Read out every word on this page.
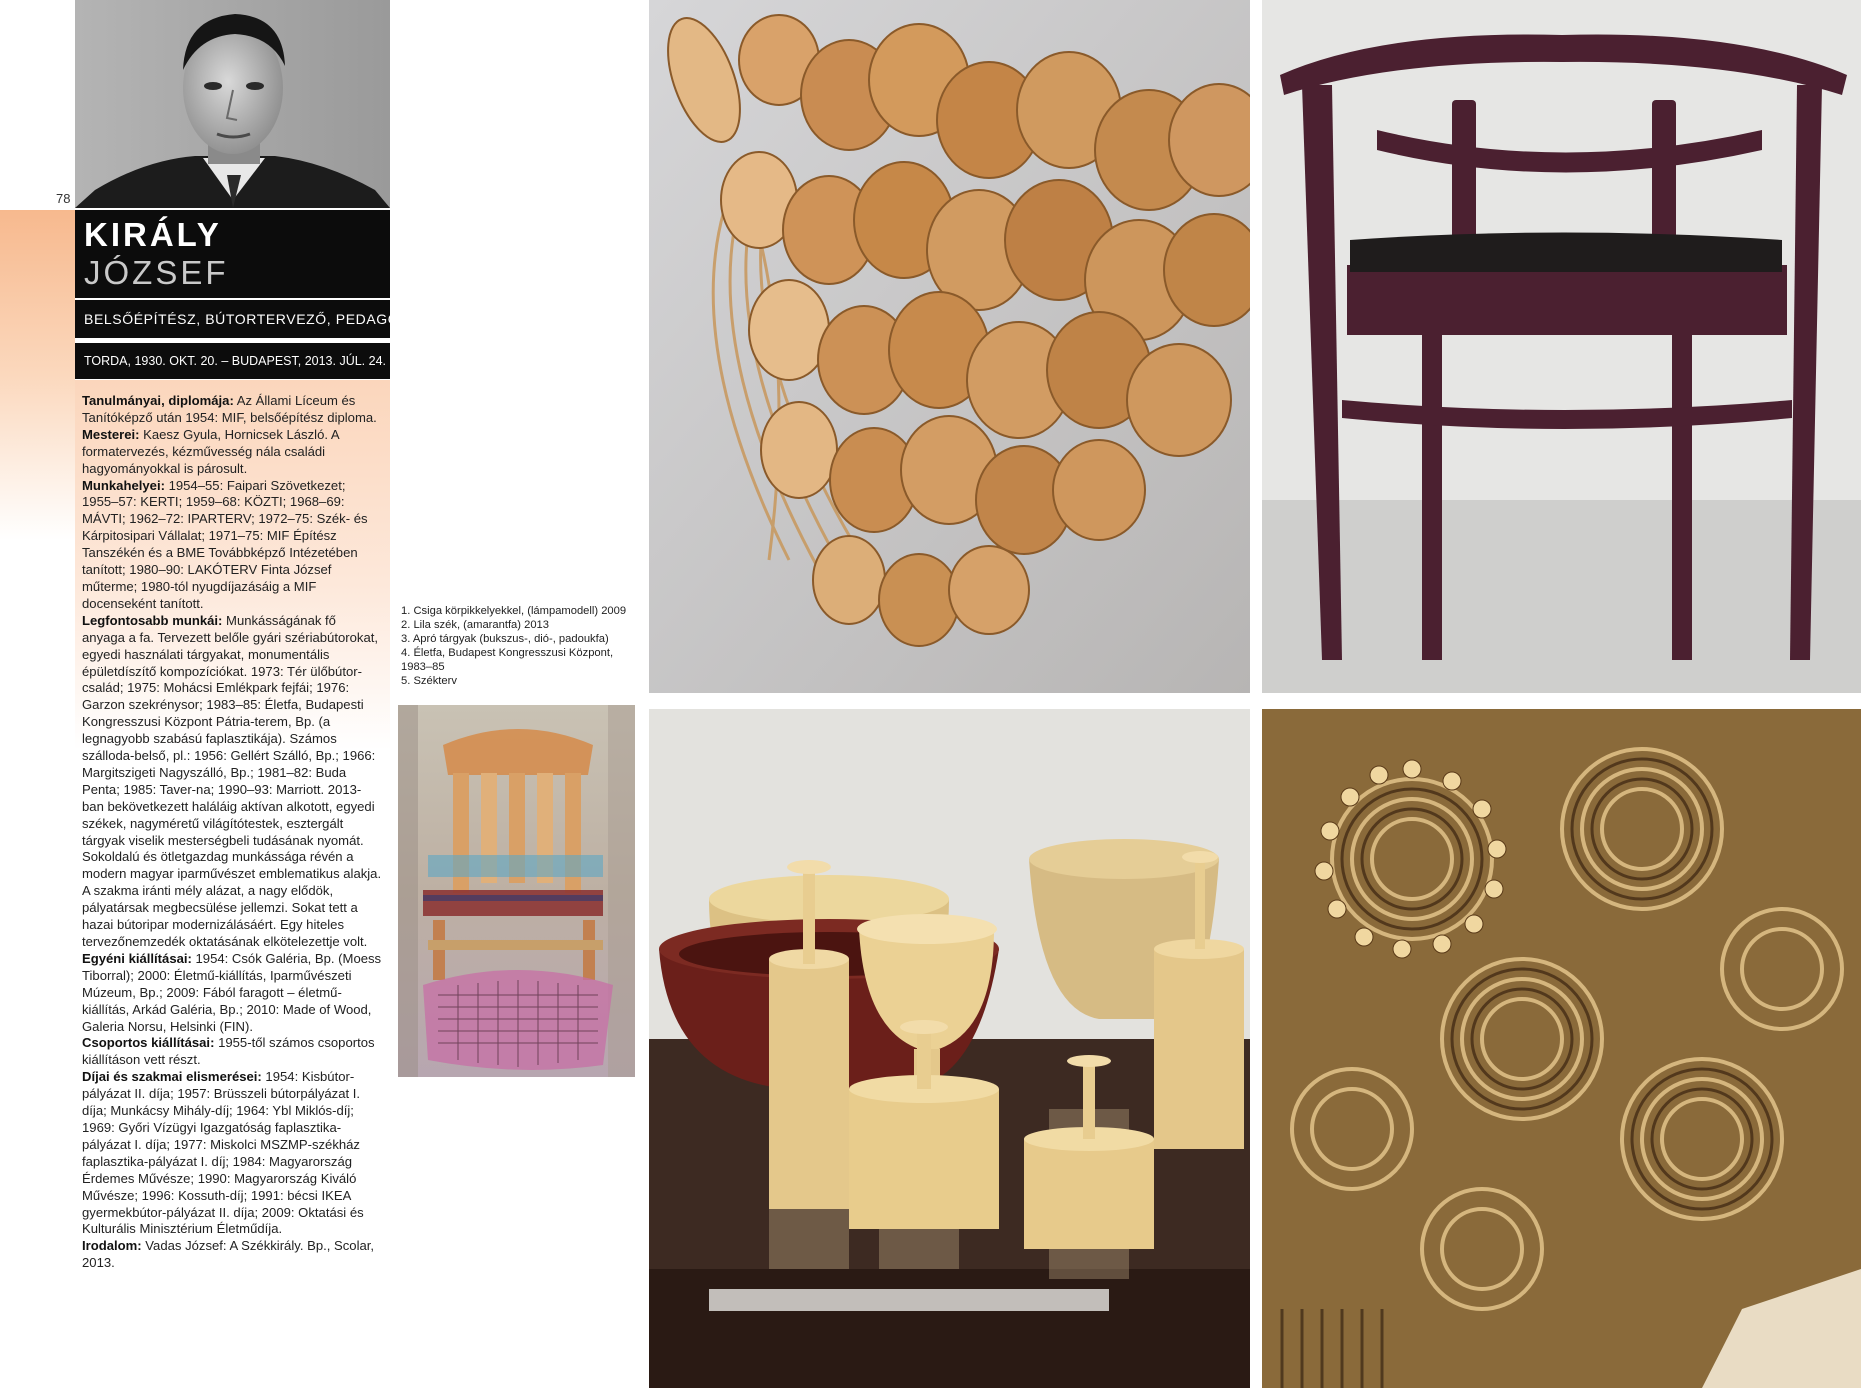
78
KIRÁLY
JÓZSEF
BELSŐÉPÍTÉSZ, BÚTORTERVEZŐ, PEDAGÓGUS
TORDA, 1930. OKT. 20. – BUDAPEST, 2013. JÚL. 24.

Tanulmányai, diplomája: Az Állami Líceum és Tanítóképző után 1954: MIF, belsőépítész diploma.

Mesterei: Kaesz Gyula, Hornicsek László. A formatervezés, kézművesség nála családi hagyományokkal is párosult.

Munkahelyei: 1954–55: Faipari Szövetkezet; 1955–57: KERTI; 1959–68: KÖZTI; 1968–69: MÁVTI; 1962–72: IPARTERV; 1972–75: Szék- és Kárpitosipari Vállalat; 1971–75: MIF Építész Tanszékén és a BME Továbbképző Intézetében tanított; 1980–90: LAKÓTERV Finta József műterme; 1980-tól nyugdíjazásáig a MIF docenseként tanított.

Legfontosabb munkái: Munkásságának fő anyaga a fa. Tervezett belőle gyári szériabútorokat, egyedi használati tárgyakat, monumentális épületdíszítő kompozíciókat. 1973: Tér ülőbútor-család; 1975: Mohácsi Emlékpark fejfái; 1976: Garzon szekrénysor; 1983–85: Életfa, Budapesti Kongresszusi Központ Pátria-terem, Bp. (a legnagyobb szabású faplasztikája). Számos szálloda-belső, pl.: 1956: Gellért Szálló, Bp.; 1966: Margitszigeti Nagyszálló, Bp.; 1981–82: Buda Penta; 1985: Taver-na; 1990–93: Marriott. 2013-ban bekövetkezett haláláig aktívan alkotott, egyedi székek, nagyméretű világítótestek, esztergált tárgyak viselik mesterségbeli tudásának nyomát. Sokoldalú és ötletgazdag munkássága révén a modern magyar iparművészet emblematikus alakja. A szakma iránti mély alázat, a nagy elődök, pályatársak megbecsülése jellemzi. Sokat tett a hazai bútoripar modernizálásáért. Egy hiteles tervezőnemzedék oktatásának elkötelezettje volt.

Egyéni kiállításai: 1954: Csók Galéria, Bp. (Moess Tiborral); 2000: Életmű-kiállítás, Iparművészeti Múzeum, Bp.; 2009: Fából faragott – életmű-kiállítás, Arkád Galéria, Bp.; 2010: Made of Wood, Galeria Norsu, Helsinki (FIN).

Csoportos kiállításai: 1955-től számos csoportos kiállításon vett részt.

Díjai és szakmai elismerései: 1954: Kisbútor-pályázat II. díja; 1957: Brüsszeli bútorpályázat I. díja; Munkácsy Mihály-díj; 1964: Ybl Miklós-díj; 1969: Győri Vízügyi Igazgatóság faplasztika-pályázat I. díja; 1977: Miskolci MSZMP-székház faplasztika-pályázat I. díj; 1984: Magyarország Érdemes Művésze; 1990: Magyarország Kiváló Művésze; 1996: Kossuth-díj; 1991: bécsi IKEA gyermekbútor-pályázat II. díja; 2009: Oktatási és Kulturális Minisztérium Életműdíja.

Irodalom: Vadas József: A Székkirály. Bp., Scolar, 2013.

1. Csiga körpikkelyekkel, (lámpamodell) 2009
2. Lila szék, (amarantfa) 2013
3. Apró tárgyak (bukszus-, dió-, padoukfa)
4. Életfa, Budapest Kongresszusi Központ, 1983–85
5. Székterv
